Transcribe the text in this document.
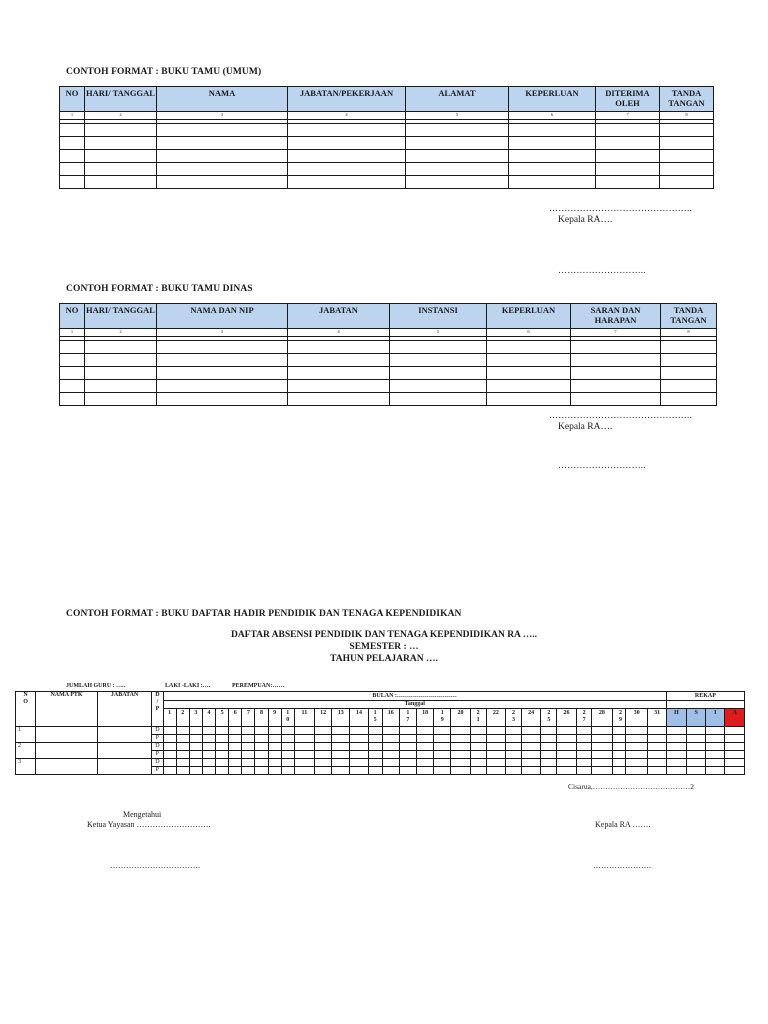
CONTOH FORMAT : BUKU TAMU (UMUM)
NO	HARI/ TANGGAL	NAMA	JABATAN/PEKERJAAN	ALAMAT	KEPERLUAN	DITERIMA OLEH	TANDA TANGAN
1	2	3	4	5	6	7	8

………………………………………..
Kepala RA….
………………………..
CONTOH FORMAT : BUKU TAMU DINAS
NO	HARI/ TANGGAL	NAMA DAN NIP	JABATAN	INSTANSI	KEPERLUAN	SARAN DAN HARAPAN	TANDA TANGAN
1	2	3	4	5	6	7	8

………………………………………..
Kepala RA….
………………………..
CONTOH FORMAT : BUKU DAFTAR HADIR PENDIDIK DAN TENAGA KEPENDIDIKAN
DAFTAR ABSENSI PENDIDIK DAN TENAGA KEPENDIDIKAN RA …..
SEMESTER : …
TAHUN PELAJARAN ….
JUMLAH GURU : …..	LAKI -LAKI :….	PEREMPUAN:……
N O	NAMA PTK	JABATAN	D / P	BULAN :…………………………																															REKAP			
				Tanggal																																		
				1	2	3	4	5	6	7	8	9	1 0	11	12	13	14	1 5	16	1 7	18	1 9	20	2 1	22	2 3	24	2 5	26	2 7	28	2 9	30	31	H	S	I	A
1			D																																			
			P																																			
2			D																																			
			P																																			
3			D																																			
			P																																			
Cisarua,…………………………………2
Mengetahui
Ketua Yayasan ……………………….	Kepala RA …….
…………………………….	………………….
